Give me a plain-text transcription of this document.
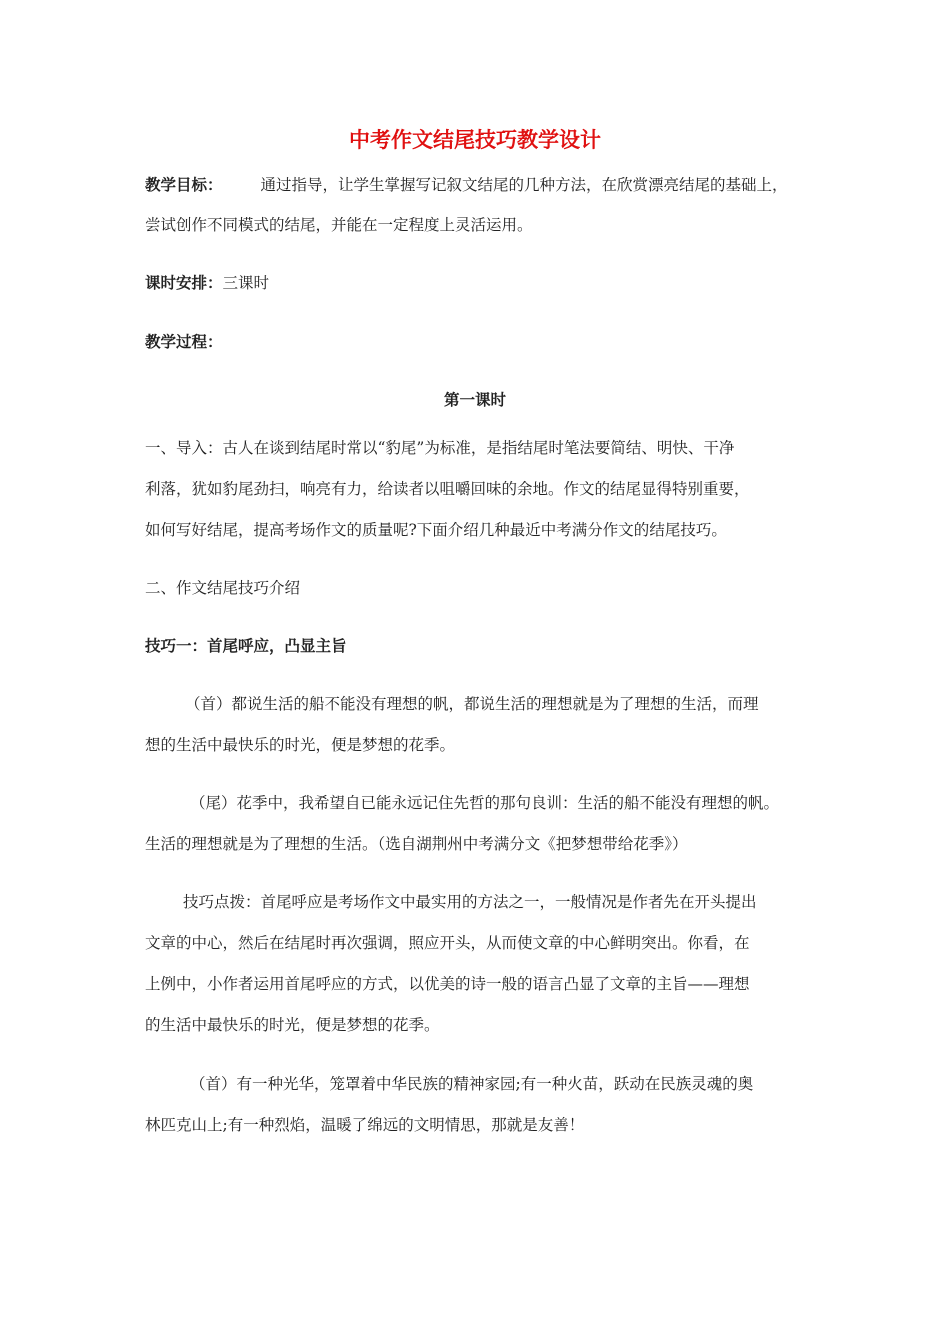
中考作文结尾技巧教学设计

教学目标： 通过指导，让学生掌握写记叙文结尾的几种方法，在欣赏漂亮结尾的基础上，

尝试创作不同模式的结尾，并能在一定程度上灵活运用。

课时安排：三课时

教学过程：

第一课时

一、导入：古人在谈到结尾时常以“豹尾”为标准，是指结尾时笔法要简结、明快、干净

利落，犹如豹尾劲扫，响亮有力，给读者以咀嚼回味的余地。作文的结尾显得特别重要，

如何写好结尾，提高考场作文的质量呢?下面介绍几种最近中考满分作文的结尾技巧。

二、作文结尾技巧介绍

技巧一：首尾呼应，凸显主旨

（首）都说生活的船不能没有理想的帆，都说生活的理想就是为了理想的生活，而理

想的生活中最快乐的时光，便是梦想的花季。

（尾）花季中，我希望自已能永远记住先哲的那句良训：生活的船不能没有理想的帆。

生活的理想就是为了理想的生活。（选自湖荆州中考满分文《把梦想带给花季》）

技巧点拨：首尾呼应是考场作文中最实用的方法之一，一般情况是作者先在开头提出

文章的中心，然后在结尾时再次强调，照应开头，从而使文章的中心鲜明突出。你看，在

上例中，小作者运用首尾呼应的方式，以优美的诗一般的语言凸显了文章的主旨——理想

的生活中最快乐的时光，便是梦想的花季。

（首）有一种光华，笼罩着中华民族的精神家园;有一种火苗，跃动在民族灵魂的奥

林匹克山上;有一种烈焰，温暖了绵远的文明情思，那就是友善！
